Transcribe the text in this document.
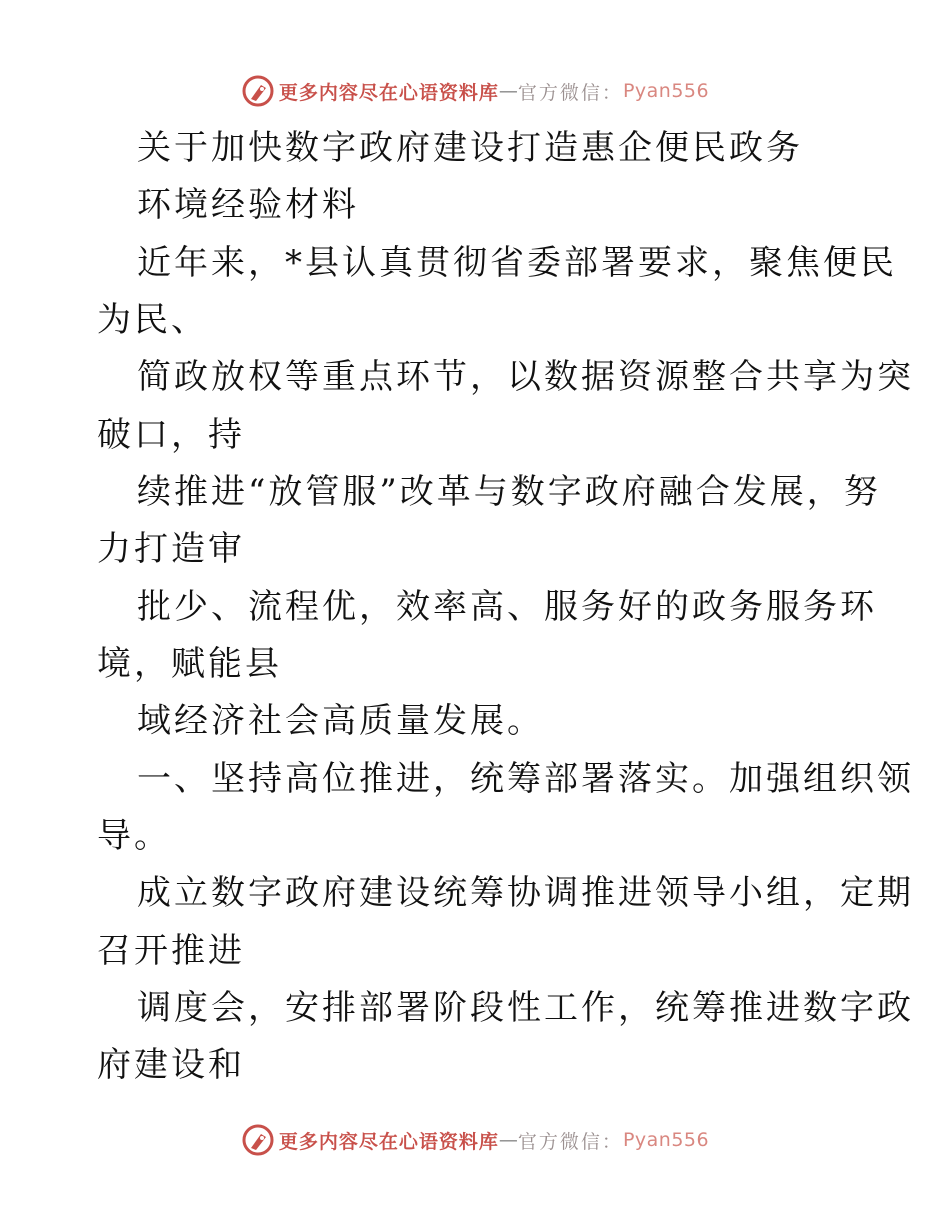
更多内容尽在心语资料库 — 官方微信： Pyan556
关于加快数字政府建设打造惠企便民政务
环境经验材料
近年来，*县认真贯彻省委部署要求，聚焦便民
为民、
简政放权等重点环节，以数据资源整合共享为突
破口，持
续推进“放管服”改革与数字政府融合发展，努
力打造审
批少、流程优，效率高、服务好的政务服务环
境，赋能县
域经济社会高质量发展。
一、坚持高位推进，统筹部署落实。加强组织领
导。
成立数字政府建设统筹协调推进领导小组，定期
召开推进
调度会，安排部署阶段性工作，统筹推进数字政
府建设和
更多内容尽在心语资料库 — 官方微信： Pyan556
